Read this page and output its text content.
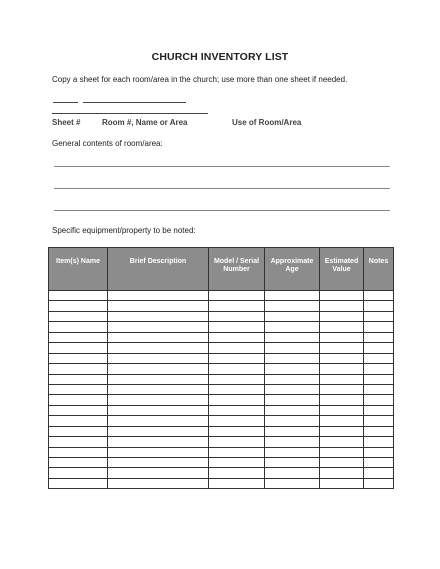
CHURCH INVENTORY LIST
Copy a sheet for each room/area in the church; use more than one sheet if needed.
Sheet #	Room #, Name or Area	Use of Room/Area
General contents of room/area:
Specific equipment/property to be noted:
Item(s) Name	Brief Description	Model / Serial Number	Approximate Age	Estimated Value	Notes
